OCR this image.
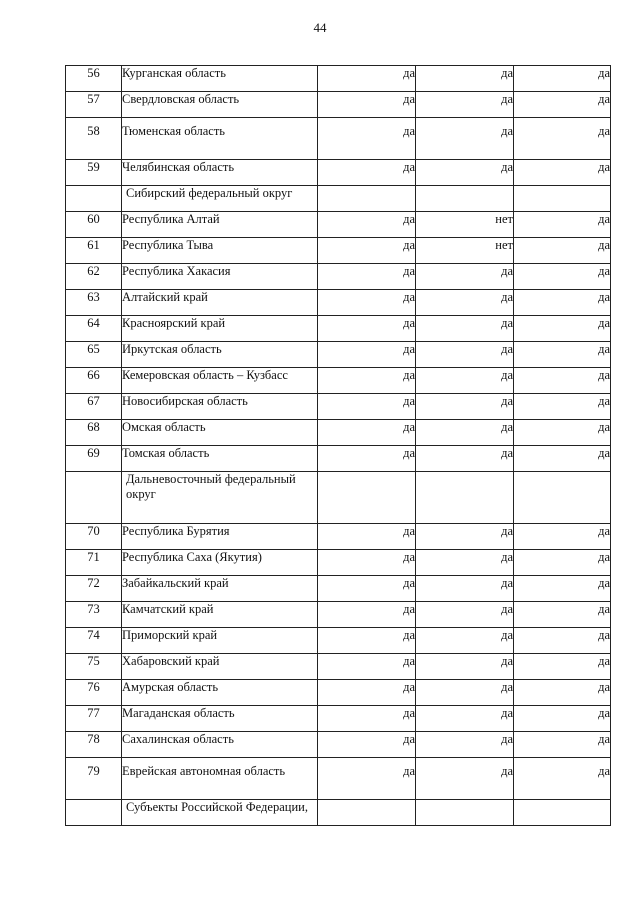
44
56	Курганская область	да	да	да
57	Свердловская область	да	да	да
58	Тюменская область	да	да	да
59	Челябинская область	да	да	да
	Сибирский федеральный округ			
60	Республика Алтай	да	нет	да
61	Республика Тыва	да	нет	да
62	Республика Хакасия	да	да	да
63	Алтайский край	да	да	да
64	Красноярский край	да	да	да
65	Иркутская область	да	да	да
66	Кемеровская область – Кузбасс	да	да	да
67	Новосибирская область	да	да	да
68	Омская область	да	да	да
69	Томская область	да	да	да
	Дальневосточный федеральный округ			
70	Республика Бурятия	да	да	да
71	Республика Саха (Якутия)	да	да	да
72	Забайкальский край	да	да	да
73	Камчатский край	да	да	да
74	Приморский край	да	да	да
75	Хабаровский край	да	да	да
76	Амурская область	да	да	да
77	Магаданская область	да	да	да
78	Сахалинская область	да	да	да
79	Еврейская автономная область	да	да	да
	Субъекты Российской Федерации,			
